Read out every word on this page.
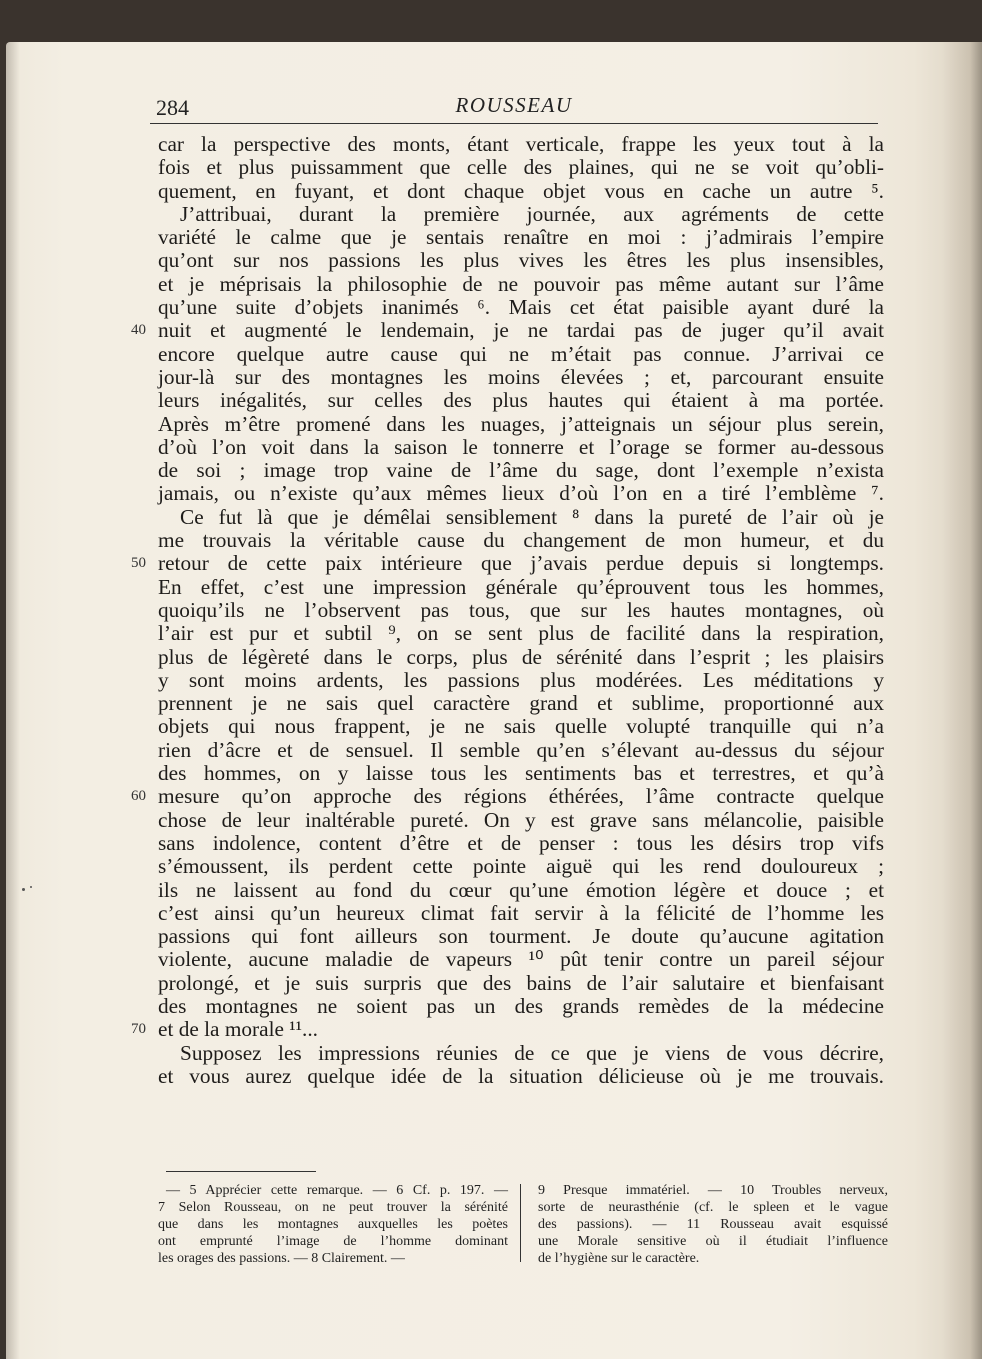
284	ROUSSEAU
car la perspective des monts, étant verticale, frappe les yeux tout à la
fois et plus puissamment que celle des plaines, qui ne se voit qu’obli-
quement, en fuyant, et dont chaque objet vous en cache un autre ⁵.
J’attribuai, durant la première journée, aux agréments de cette
variété le calme que je sentais renaître en moi : j’admirais l’empire
qu’ont sur nos passions les plus vives les êtres les plus insensibles,
et je méprisais la philosophie de ne pouvoir pas même autant sur l’âme
qu’une suite d’objets inanimés ⁶. Mais cet état paisible ayant duré la
nuit et augmenté le lendemain, je ne tardai pas de juger qu’il avait
40
encore quelque autre cause qui ne m’était pas connue. J’arrivai ce
jour-là sur des montagnes les moins élevées ; et, parcourant ensuite
leurs inégalités, sur celles des plus hautes qui étaient à ma portée.
Après m’être promené dans les nuages, j’atteignais un séjour plus serein,
d’où l’on voit dans la saison le tonnerre et l’orage se former au-dessous
de soi ; image trop vaine de l’âme du sage, dont l’exemple n’exista
jamais, ou n’existe qu’aux mêmes lieux d’où l’on en a tiré l’emblème ⁷.
Ce fut là que je démêlai sensiblement ⁸ dans la pureté de l’air où je
me trouvais la véritable cause du changement de mon humeur, et du
retour de cette paix intérieure que j’avais perdue depuis si longtemps.
50
En effet, c’est une impression générale qu’éprouvent tous les hommes,
quoiqu’ils ne l’observent pas tous, que sur les hautes montagnes, où
l’air est pur et subtil ⁹, on se sent plus de facilité dans la respiration,
plus de légèreté dans le corps, plus de sérénité dans l’esprit ; les plaisirs
y sont moins ardents, les passions plus modérées. Les méditations y
prennent je ne sais quel caractère grand et sublime, proportionné aux
objets qui nous frappent, je ne sais quelle volupté tranquille qui n’a
rien d’âcre et de sensuel. Il semble qu’en s’élevant au-dessus du séjour
des hommes, on y laisse tous les sentiments bas et terrestres, et qu’à
mesure qu’on approche des régions éthérées, l’âme contracte quelque
60
chose de leur inaltérable pureté. On y est grave sans mélancolie, paisible
sans indolence, content d’être et de penser : tous les désirs trop vifs
s’émoussent, ils perdent cette pointe aiguë qui les rend douloureux ;
ils ne laissent au fond du cœur qu’une émotion légère et douce ; et
c’est ainsi qu’un heureux climat fait servir à la félicité de l’homme les
passions qui font ailleurs son tourment. Je doute qu’aucune agitation
violente, aucune maladie de vapeurs ¹⁰ pût tenir contre un pareil séjour
prolongé, et je suis surpris que des bains de l’air salutaire et bienfaisant
des montagnes ne soient pas un des grands remèdes de la médecine
et de la morale ¹¹...
70
Supposez les impressions réunies de ce que je viens de vous décrire,
et vous aurez quelque idée de la situation délicieuse où je me trouvais.
— 5 Apprécier cette remarque. — 6 Cf. p. 197. —
7 Selon Rousseau, on ne peut trouver la sérénité
que dans les montagnes auxquelles les poètes
ont emprunté l’image de l’homme dominant
les orages des passions. — 8 Clairement. —
9 Presque immatériel. — 10 Troubles nerveux,
sorte de neurasthénie (cf. le spleen et le vague
des passions). — 11 Rousseau avait esquissé
une Morale sensitive où il étudiait l’influence
de l’hygiène sur le caractère.
